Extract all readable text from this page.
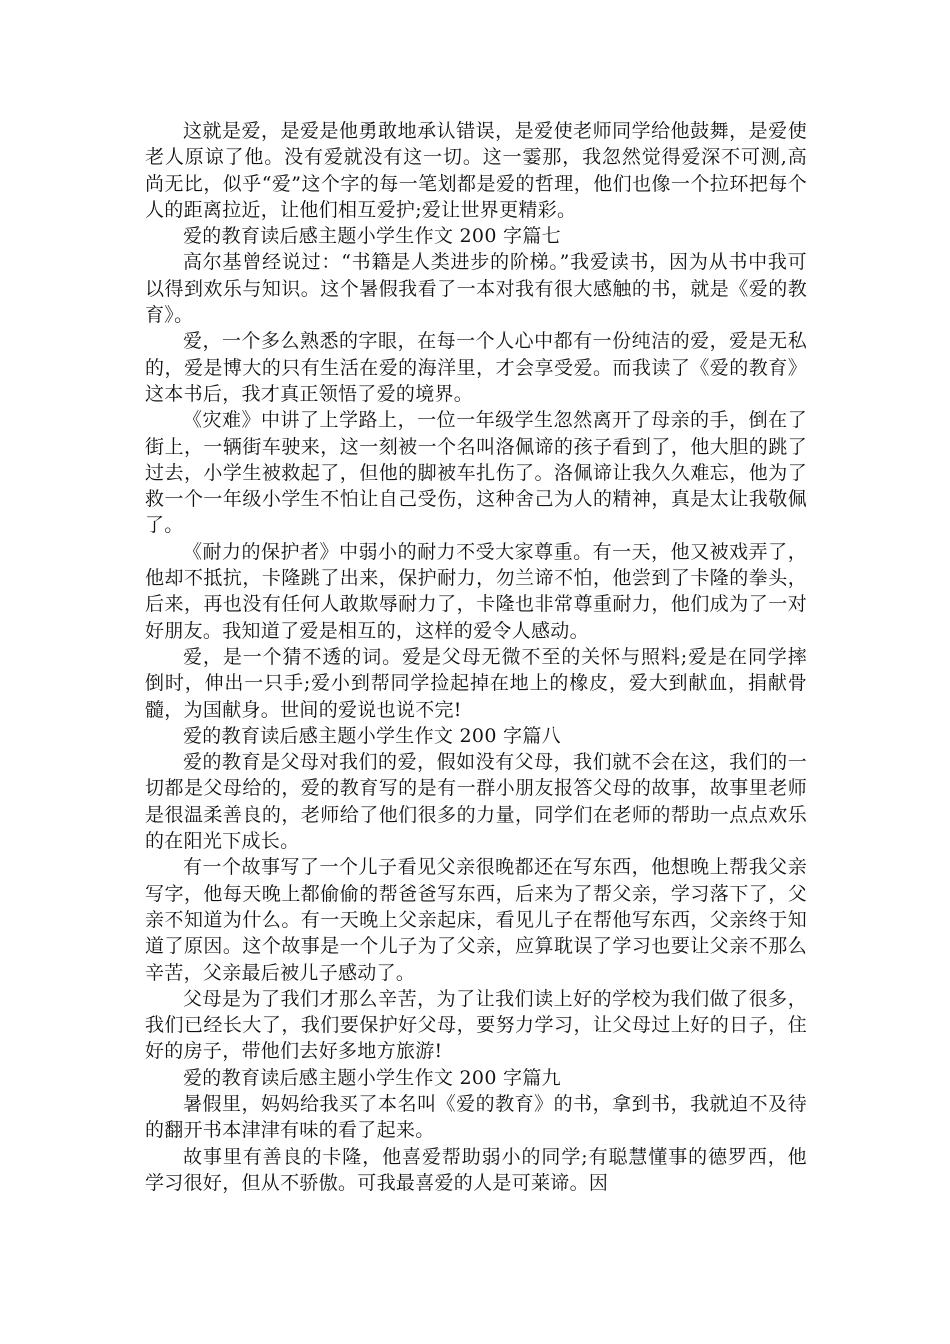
这就是爱，是爱是他勇敢地承认错误，是爱使老师同学给他鼓舞，是爱使老人原谅了他。没有爱就没有这一切。这一霎那，我忽然觉得爱深不可测,高尚无比，似乎“爱”这个字的每一笔划都是爱的哲理，他们也像一个拉环把每个人的距离拉近，让他们相互爱护;爱让世界更精彩。

爱的教育读后感主题小学生作文 200 字篇七

高尔基曾经说过：“书籍是人类进步的阶梯。”我爱读书，因为从书中我可以得到欢乐与知识。这个暑假我看了一本对我有很大感触的书，就是《爱的教育》。

爱，一个多么熟悉的字眼，在每一个人心中都有一份纯洁的爱，爱是无私的，爱是博大的只有生活在爱的海洋里，才会享受爱。而我读了《爱的教育》这本书后，我才真正领悟了爱的境界。

《灾难》中讲了上学路上，一位一年级学生忽然离开了母亲的手，倒在了街上，一辆街车驶来，这一刻被一个名叫洛佩谛的孩子看到了，他大胆的跳了过去，小学生被救起了，但他的脚被车扎伤了。洛佩谛让我久久难忘，他为了救一个一年级小学生不怕让自己受伤，这种舍己为人的精神，真是太让我敬佩了。

《耐力的保护者》中弱小的耐力不受大家尊重。有一天，他又被戏弄了，他却不抵抗，卡隆跳了出来，保护耐力，勿兰谛不怕，他尝到了卡隆的拳头，后来，再也没有任何人敢欺辱耐力了，卡隆也非常尊重耐力，他们成为了一对好朋友。我知道了爱是相互的，这样的爱令人感动。

爱，是一个猜不透的词。爱是父母无微不至的关怀与照料;爱是在同学摔倒时，伸出一只手;爱小到帮同学捡起掉在地上的橡皮，爱大到献血，捐献骨髓，为国献身。世间的爱说也说不完!

爱的教育读后感主题小学生作文 200 字篇八

爱的教育是父母对我们的爱，假如没有父母，我们就不会在这，我们的一切都是父母给的，爱的教育写的是有一群小朋友报答父母的故事，故事里老师是很温柔善良的，老师给了他们很多的力量，同学们在老师的帮助一点点欢乐的在阳光下成长。

有一个故事写了一个儿子看见父亲很晚都还在写东西，他想晚上帮我父亲写字，他每天晚上都偷偷的帮爸爸写东西，后来为了帮父亲，学习落下了，父亲不知道为什么。有一天晚上父亲起床，看见儿子在帮他写东西，父亲终于知道了原因。这个故事是一个儿子为了父亲，应算耽误了学习也要让父亲不那么辛苦，父亲最后被儿子感动了。

父母是为了我们才那么辛苦，为了让我们读上好的学校为我们做了很多，我们已经长大了，我们要保护好父母，要努力学习，让父母过上好的日子，住好的房子，带他们去好多地方旅游!

爱的教育读后感主题小学生作文 200 字篇九

暑假里，妈妈给我买了本名叫《爱的教育》的书，拿到书，我就迫不及待的翻开书本津津有味的看了起来。

故事里有善良的卡隆，他喜爱帮助弱小的同学;有聪慧懂事的德罗西，他学习很好，但从不骄傲。可我最喜爱的人是可莱谛。因
